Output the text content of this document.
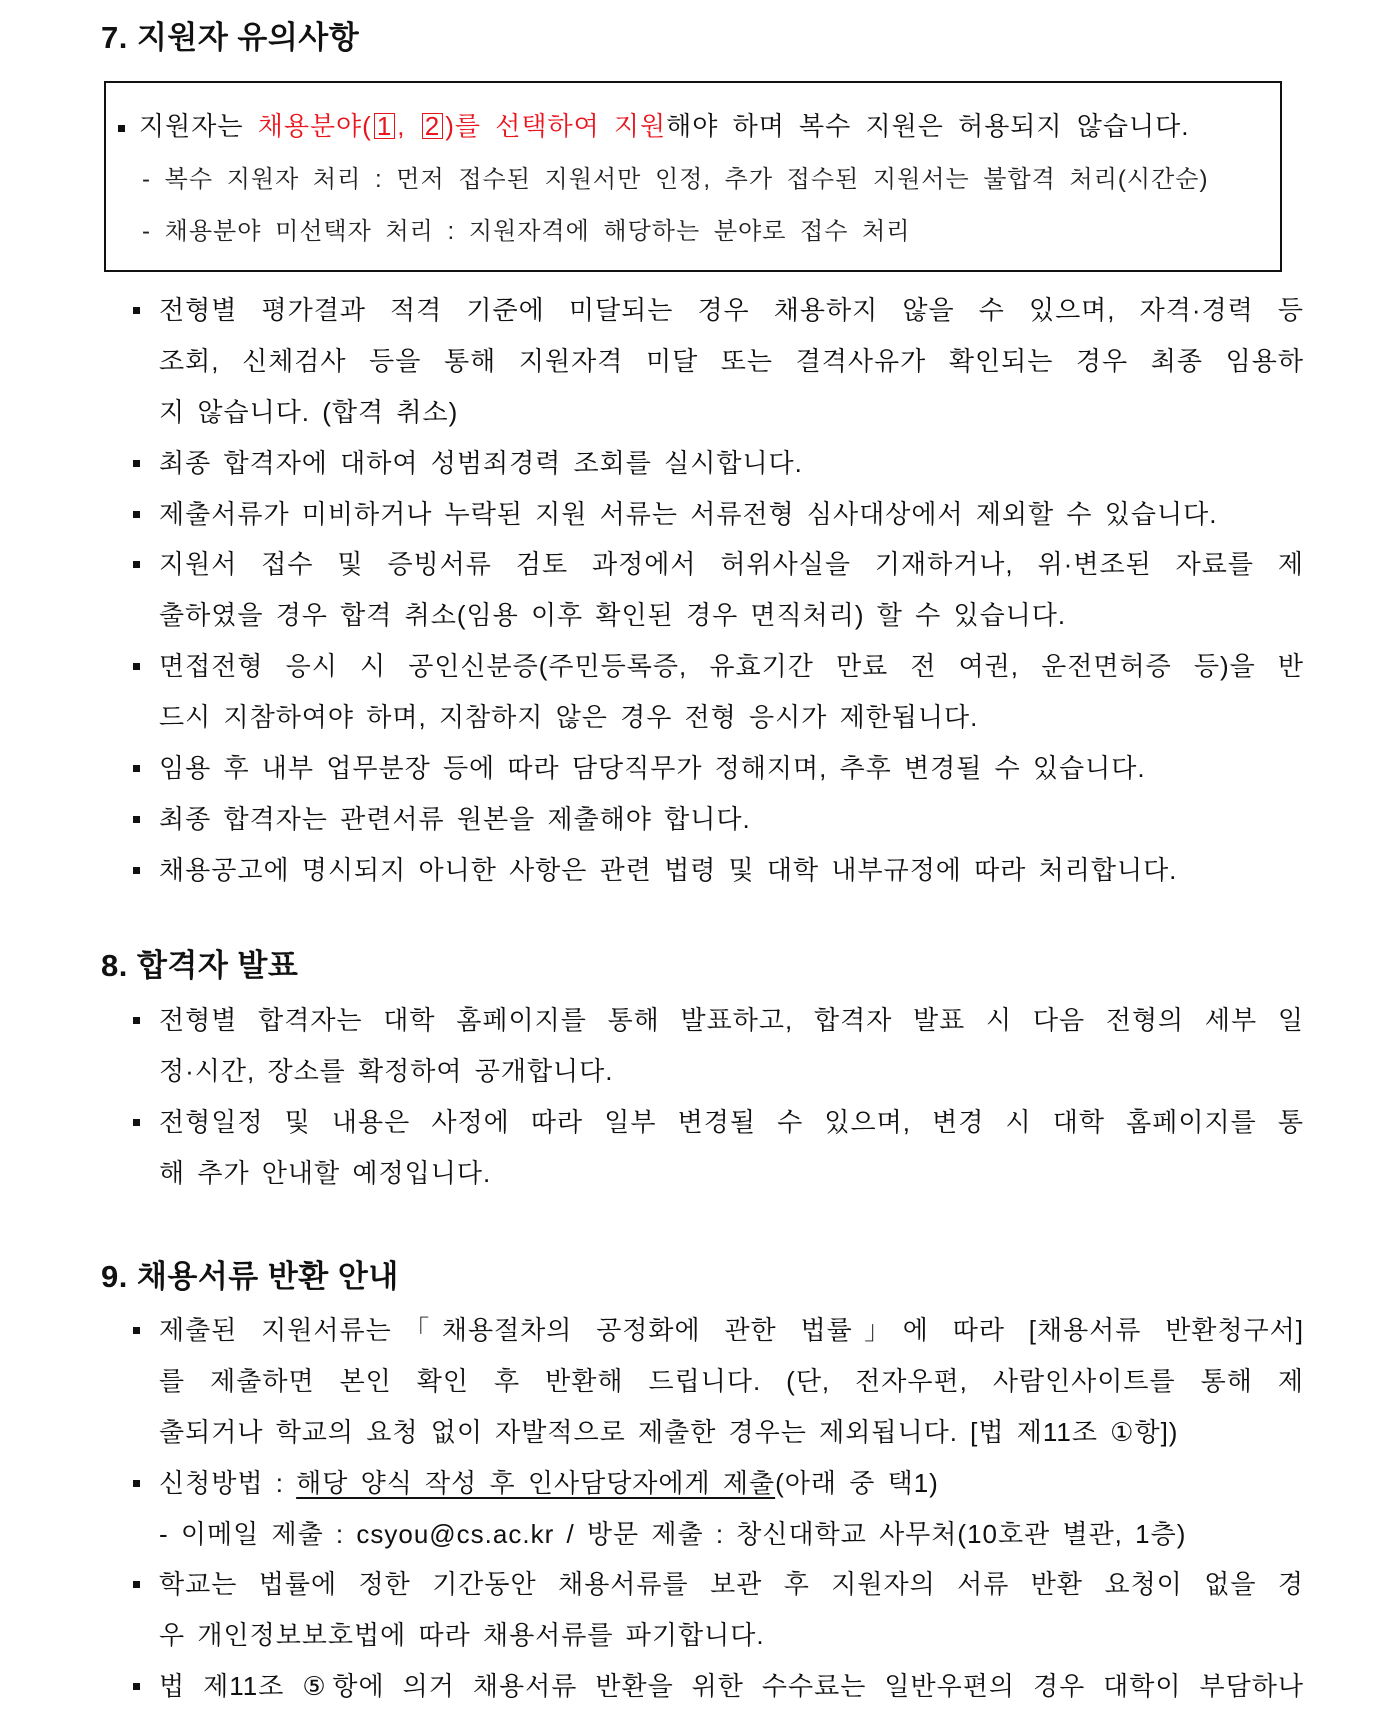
7. 지원자 유의사항
지원자는 채용분야( 1 , 2 )를 선택하여 지원해야 하며 복수 지원은 허용되지 않습니다.
- 복수 지원자 처리 : 먼저 접수된 지원서만 인정, 추가 접수된 지원서는 불합격 처리(시간순)
- 채용분야 미선택자 처리 : 지원자격에 해당하는 분야로 접수 처리
전형별 평가결과 적격 기준에 미달되는 경우 채용하지 않을 수 있으며, 자격·경력 등
조회, 신체검사 등을 통해 지원자격 미달 또는 결격사유가 확인되는 경우 최종 임용하
지 않습니다. (합격 취소)
최종 합격자에 대하여 성범죄경력 조회를 실시합니다.
제출서류가 미비하거나 누락된 지원 서류는 서류전형 심사대상에서 제외할 수 있습니다.
지원서 접수 및 증빙서류 검토 과정에서 허위사실을 기재하거나, 위·변조된 자료를 제
출하였을 경우 합격 취소(임용 이후 확인된 경우 면직처리) 할 수 있습니다.
면접전형 응시 시 공인신분증(주민등록증, 유효기간 만료 전 여권, 운전면허증 등)을 반
드시 지참하여야 하며, 지참하지 않은 경우 전형 응시가 제한됩니다.
임용 후 내부 업무분장 등에 따라 담당직무가 정해지며, 추후 변경될 수 있습니다.
최종 합격자는 관련서류 원본을 제출해야 합니다.
채용공고에 명시되지 아니한 사항은 관련 법령 및 대학 내부규정에 따라 처리합니다.
8. 합격자 발표
전형별 합격자는 대학 홈페이지를 통해 발표하고, 합격자 발표 시 다음 전형의 세부 일
정·시간, 장소를 확정하여 공개합니다.
전형일정 및 내용은 사정에 따라 일부 변경될 수 있으며, 변경 시 대학 홈페이지를 통
해 추가 안내할 예정입니다.
9. 채용서류 반환 안내
제출된 지원서류는「채용절차의 공정화에 관한 법률」에 따라 [채용서류 반환청구서]
를 제출하면 본인 확인 후 반환해 드립니다. (단, 전자우편, 사람인사이트를 통해 제
출되거나 학교의 요청 없이 자발적으로 제출한 경우는 제외됩니다. [법 제11조 ①항])
신청방법 : 해당 양식 작성 후 인사담당자에게 제출(아래 중 택1)
- 이메일 제출 : csyou@cs.ac.kr / 방문 제출 : 창신대학교 사무처(10호관 별관, 1층)
학교는 법률에 정한 기간동안 채용서류를 보관 후 지원자의 서류 반환 요청이 없을 경
우 개인정보보호법에 따라 채용서류를 파기합니다.
법 제11조 ⑤항에 의거 채용서류 반환을 위한 수수료는 일반우편의 경우 대학이 부담하나
